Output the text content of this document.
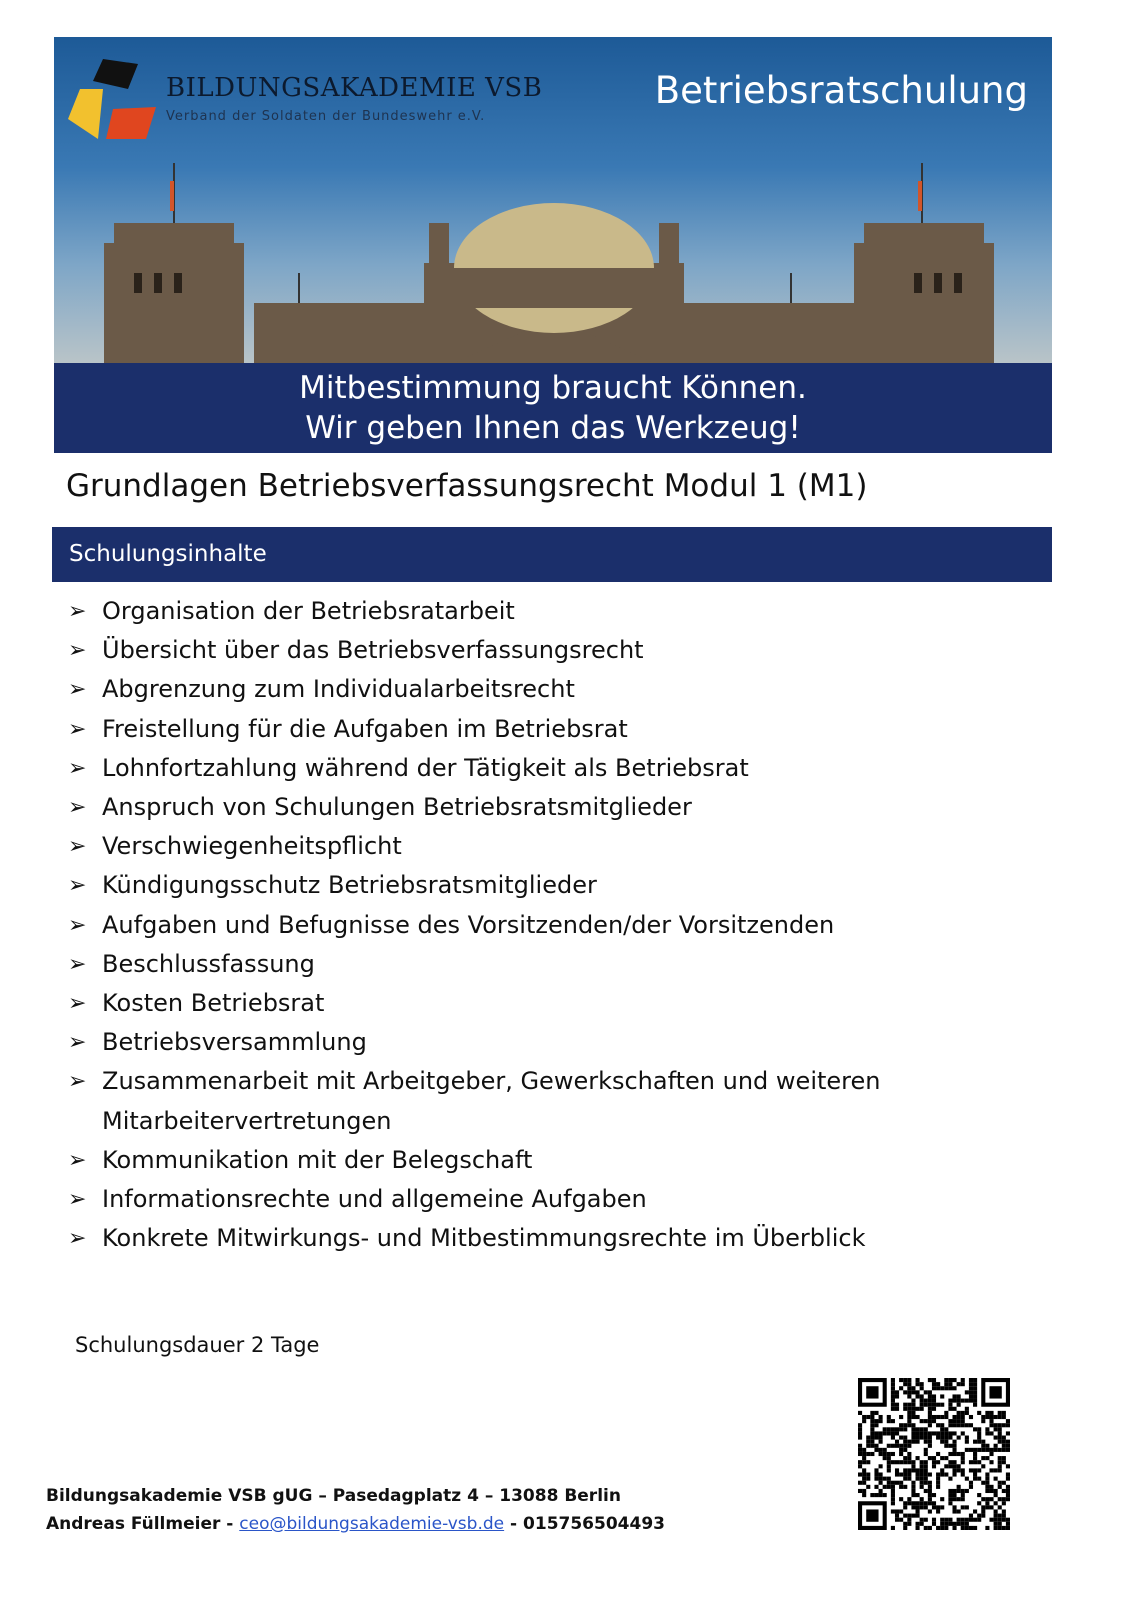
BILDUNGSAKADEMIE VSB
Verband der Soldaten der Bundeswehr e.V.
Betriebsratschulung
Mitbestimmung braucht Können.
Wir geben Ihnen das Werkzeug!
Grundlagen Betriebsverfassungsrecht Modul 1 (M1)
Schulungsinhalte
➢ Organisation der Betriebsratarbeit
➢ Übersicht über das Betriebsverfassungsrecht
➢ Abgrenzung zum Individualarbeitsrecht
➢ Freistellung für die Aufgaben im Betriebsrat
➢ Lohnfortzahlung während der Tätigkeit als Betriebsrat
➢ Anspruch von Schulungen Betriebsratsmitglieder
➢ Verschwiegenheitspflicht
➢ Kündigungsschutz Betriebsratsmitglieder
➢ Aufgaben und Befugnisse des Vorsitzenden/der Vorsitzenden
➢ Beschlussfassung
➢ Kosten Betriebsrat
➢ Betriebsversammlung
➢ Zusammenarbeit mit Arbeitgeber, Gewerkschaften und weiteren Mitarbeitervertretungen
➢ Kommunikation mit der Belegschaft
➢ Informationsrechte und allgemeine Aufgaben
➢ Konkrete Mitwirkungs- und Mitbestimmungsrechte im Überblick
Schulungsdauer 2 Tage
Bildungsakademie VSB gUG – Pasedagplatz 4 – 13088 Berlin
Andreas Füllmeier - ceo@bildungsakademie-vsb.de - 015756504493
